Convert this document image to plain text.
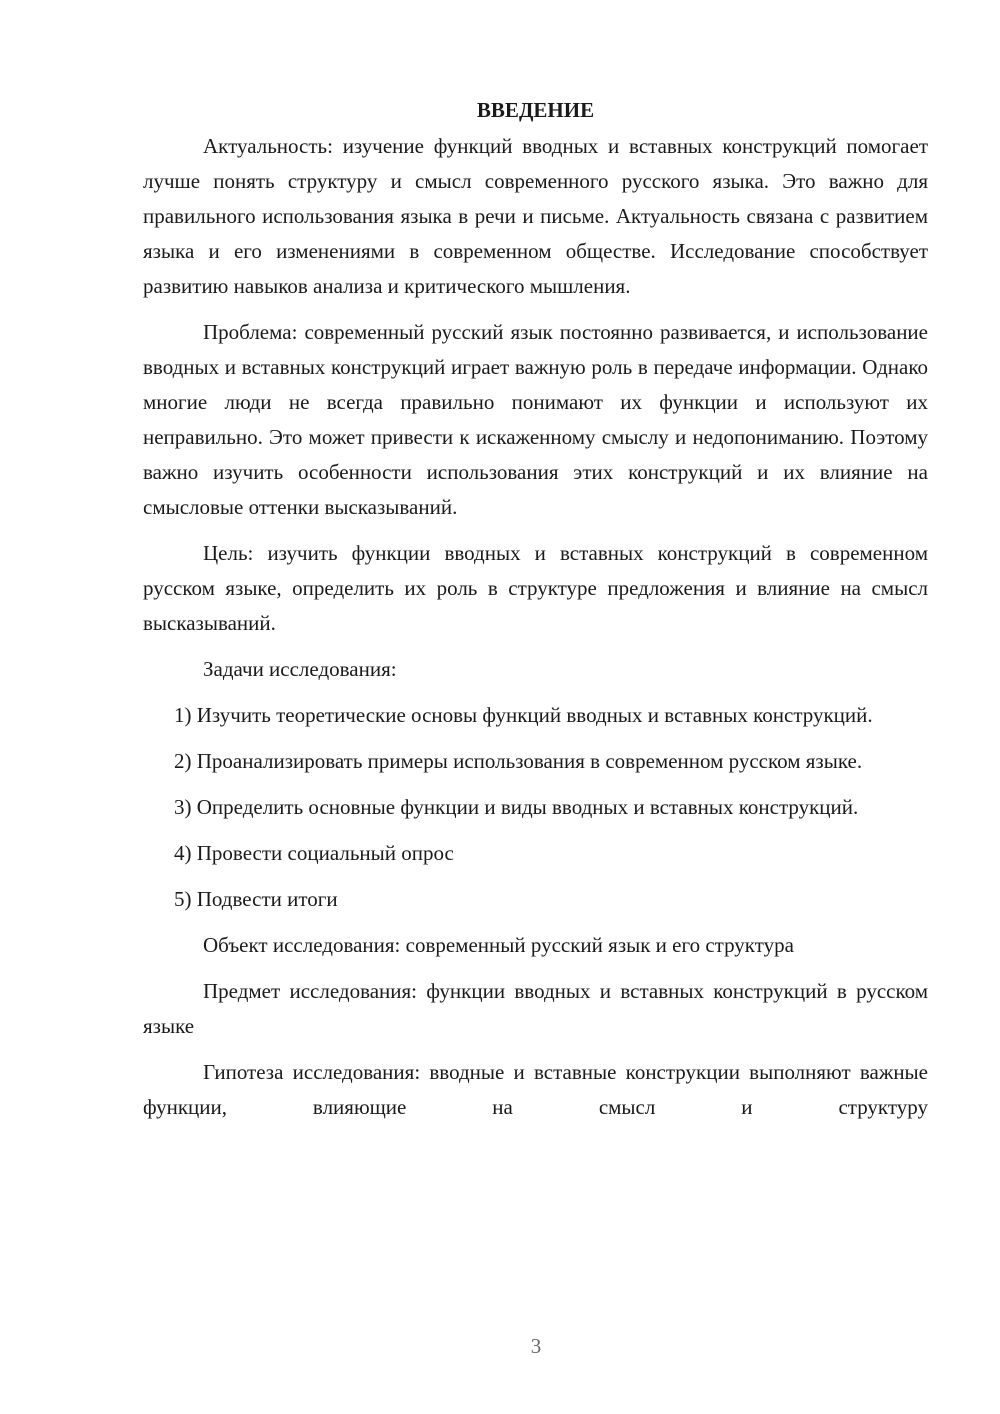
ВВЕДЕНИЕ

Актуальность: изучение функций вводных и вставных конструкций помогает лучше понять структуру и смысл современного русского языка. Это важно для правильного использования языка в речи и письме. Актуальность связана с развитием языка и его изменениями в современном обществе. Исследование способствует развитию навыков анализа и критического мышления.

Проблема: современный русский язык постоянно развивается, и использование вводных и вставных конструкций играет важную роль в передаче информации. Однако многие люди не всегда правильно понимают их функции и используют их неправильно. Это может привести к искаженному смыслу и недопониманию. Поэтому важно изучить особенности использования этих конструкций и их влияние на смысловые оттенки высказываний.

Цель: изучить функции вводных и вставных конструкций в современном русском языке, определить их роль в структуре предложения и влияние на смысл высказываний.

Задачи исследования:

1) Изучить теоретические основы функций вводных и вставных конструкций.

2) Проанализировать примеры использования в современном русском языке.

3) Определить основные функции и виды вводных и вставных конструкций.

4) Провести социальный опрос

5) Подвести итоги

Объект исследования: современный русский язык и его структура

Предмет исследования: функции вводных и вставных конструкций в русском языке

Гипотеза исследования: вводные и вставные конструкции выполняют важные функции, влияющие на смысл и структуру

3
